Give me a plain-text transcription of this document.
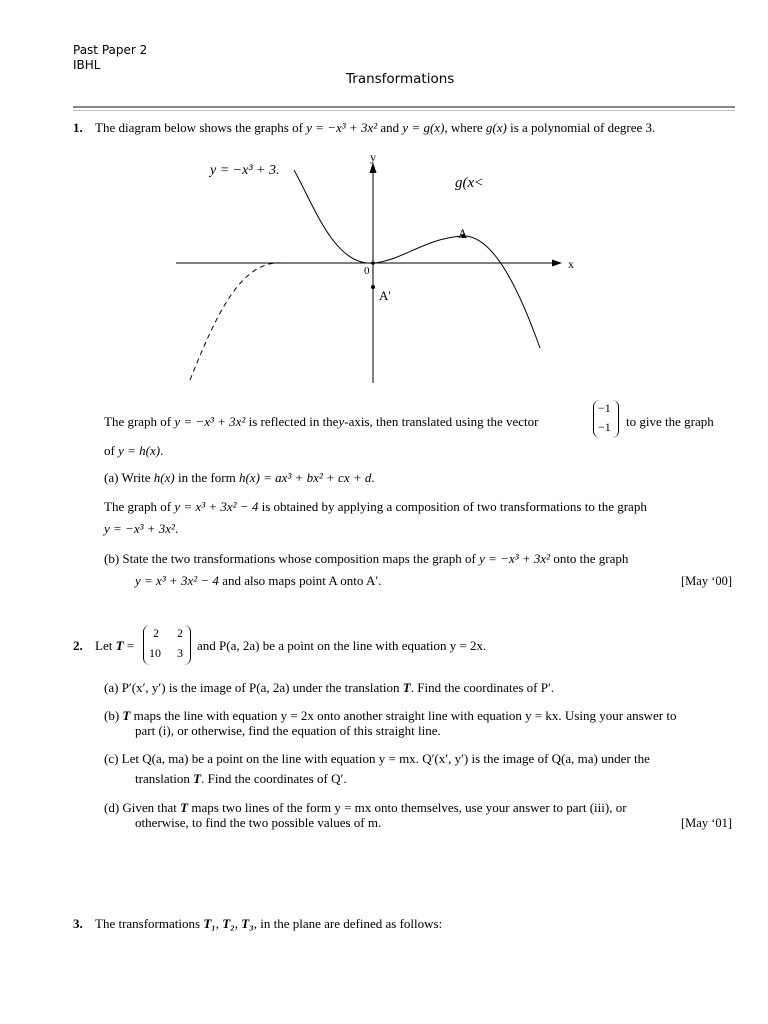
Past Paper 2
IBHL
Transformations
1. The diagram below shows the graphs of y = −x³ + 3x² and y = g(x), where g(x) is a polynomial of degree 3.
y = −x³ + 3.
g(x˂
y
x
0
A
A'
The graph of y = −x³ + 3x² is reflected in they-axis, then translated using the vector
−1
−1 to give the graph
of y = h(x).
(a) Write h(x) in the form h(x) = ax³ + bx² + cx + d.
The graph of y = x³ + 3x² − 4 is obtained by applying a composition of two transformations to the graph
y = −x³ + 3x².
(b) State the two transformations whose composition maps the graph of y = −x³ + 3x² onto the graph
y = x³ + 3x² − 4 and also maps point A onto A′.	[May ‘00]
2. Let T =
2 2
10 3 and P(a, 2a) be a point on the line with equation y = 2x.
(a) P′(x′, y′) is the image of P(a, 2a) under the translation T. Find the coordinates of P′.
(b) T maps the line with equation y = 2x onto another straight line with equation y = kx. Using your answer to
part (i), or otherwise, find the equation of this straight line.
(c) Let Q(a, ma) be a point on the line with equation y = mx. Q′(x′, y′) is the image of Q(a, ma) under the
translation T. Find the coordinates of Q′.
(d) Given that T maps two lines of the form y = mx onto themselves, use your answer to part (iii), or
otherwise, to find the two possible values of m.	[May ‘01]
3. The transformations T₁, T₂, T₃, in the plane are defined as follows:
